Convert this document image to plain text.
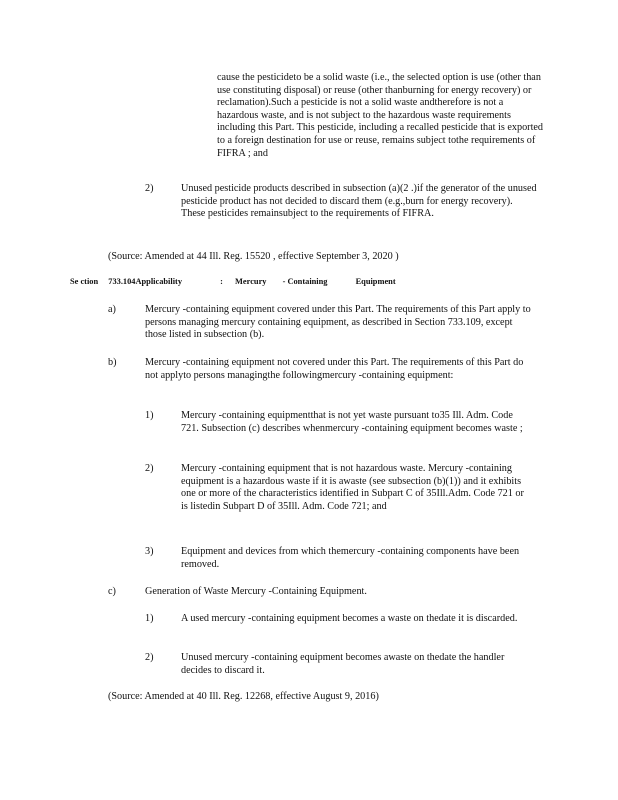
cause the pesticideto be a solid waste (i.e., the selected option is use (other than use constituting disposal) or reuse (other thanburning for energy recovery) or reclamation).Such a pesticide is not a solid waste andtherefore is not a hazardous waste, and is not subject to the hazardous waste requirements including this Part. This pesticide, including a recalled pesticide that is exported to a foreign destination for use or reuse, remains subject tothe requirements of FIFRA ; and
2)	Unused pesticide products described in subsection (a)(2 .)if the generator of the unused pesticide product has not decided to discard them (e.g.,burn for energy recovery). These pesticides remainsubject to the requirements of FIFRA.
(Source: Amended at 44 Ill. Reg. 15520 , effective September 3, 2020 )
Se ction 733.104Applicability	: Mercury - Containing	Equipment
a)	Mercury -containing equipment covered under this Part. The requirements of this Part apply to persons managing mercury containing equipment, as described in Section 733.109, except those listed in subsection (b).
b)	Mercury -containing equipment not covered under this Part. The requirements of this Part do not applyto persons managingthe followingmercury -containing equipment:
1)	Mercury -containing equipmentthat is not yet waste pursuant to35 Ill. Adm. Code 721. Subsection (c) describes whenmercury -containing equipment becomes waste ;
2)	Mercury -containing equipment that is not hazardous waste. Mercury -containing equipment is a hazardous waste if it is awaste (see subsection (b)(1)) and it exhibits one or more of the characteristics identified in Subpart C of 35Ill.Adm. Code 721 or is listedin Subpart D of 35Ill. Adm. Code 721; and
3)	Equipment and devices from which themercury -containing components have been removed.
c)	Generation of Waste Mercury -Containing Equipment.
1)	A used mercury -containing equipment becomes a waste on thedate it is discarded.
2)	Unused mercury -containing equipment becomes awaste on thedate the handler decides to discard it.
(Source: Amended at 40 Ill. Reg. 12268, effective August 9, 2016)
